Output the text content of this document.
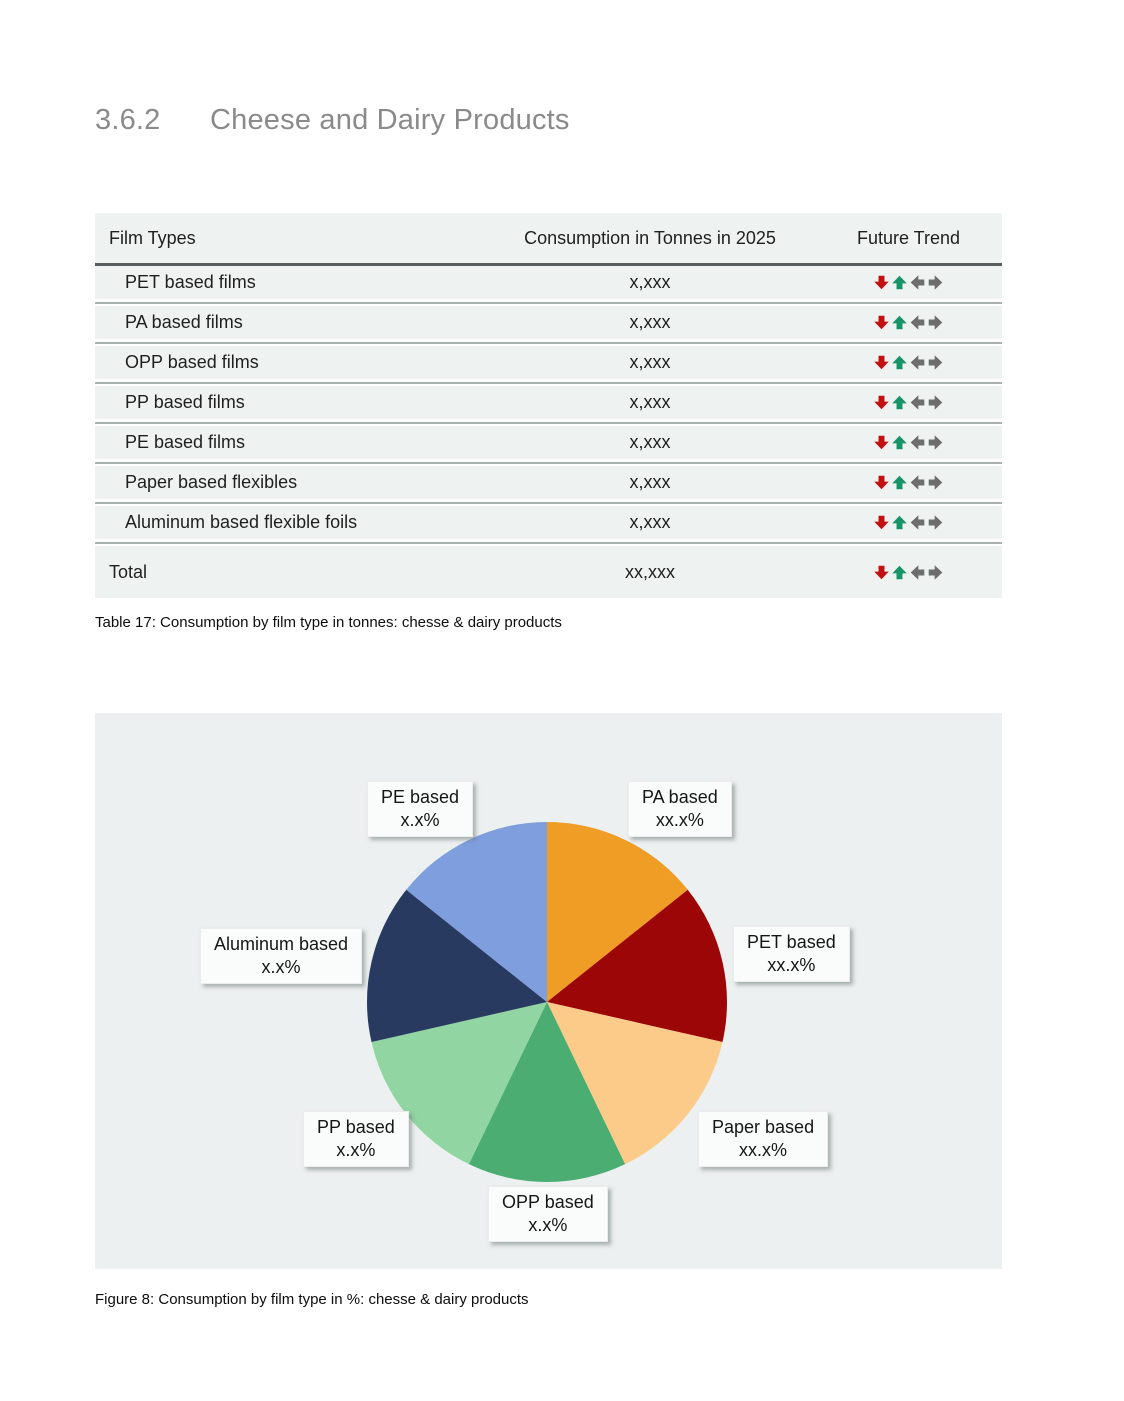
3.6.2	Cheese and Dairy Products
Film Types	Consumption in Tonnes in 2025	Future Trend
PET based films	x,xxx
PA based films	x,xxx
OPP based films	x,xxx
PP based films	x,xxx
PE based films	x,xxx
Paper based flexibles	x,xxx
Aluminum based flexible foils	x,xxx
Total	xx,xxx
Table 17: Consumption by film type in tonnes: chesse & dairy products
PA based
xx.x%
PET based
xx.x%
Paper based
xx.x%
OPP based
x.x%
PP based
x.x%
Aluminum based
x.x%
PE based
x.x%
Figure 8: Consumption by film type in %: chesse & dairy products
